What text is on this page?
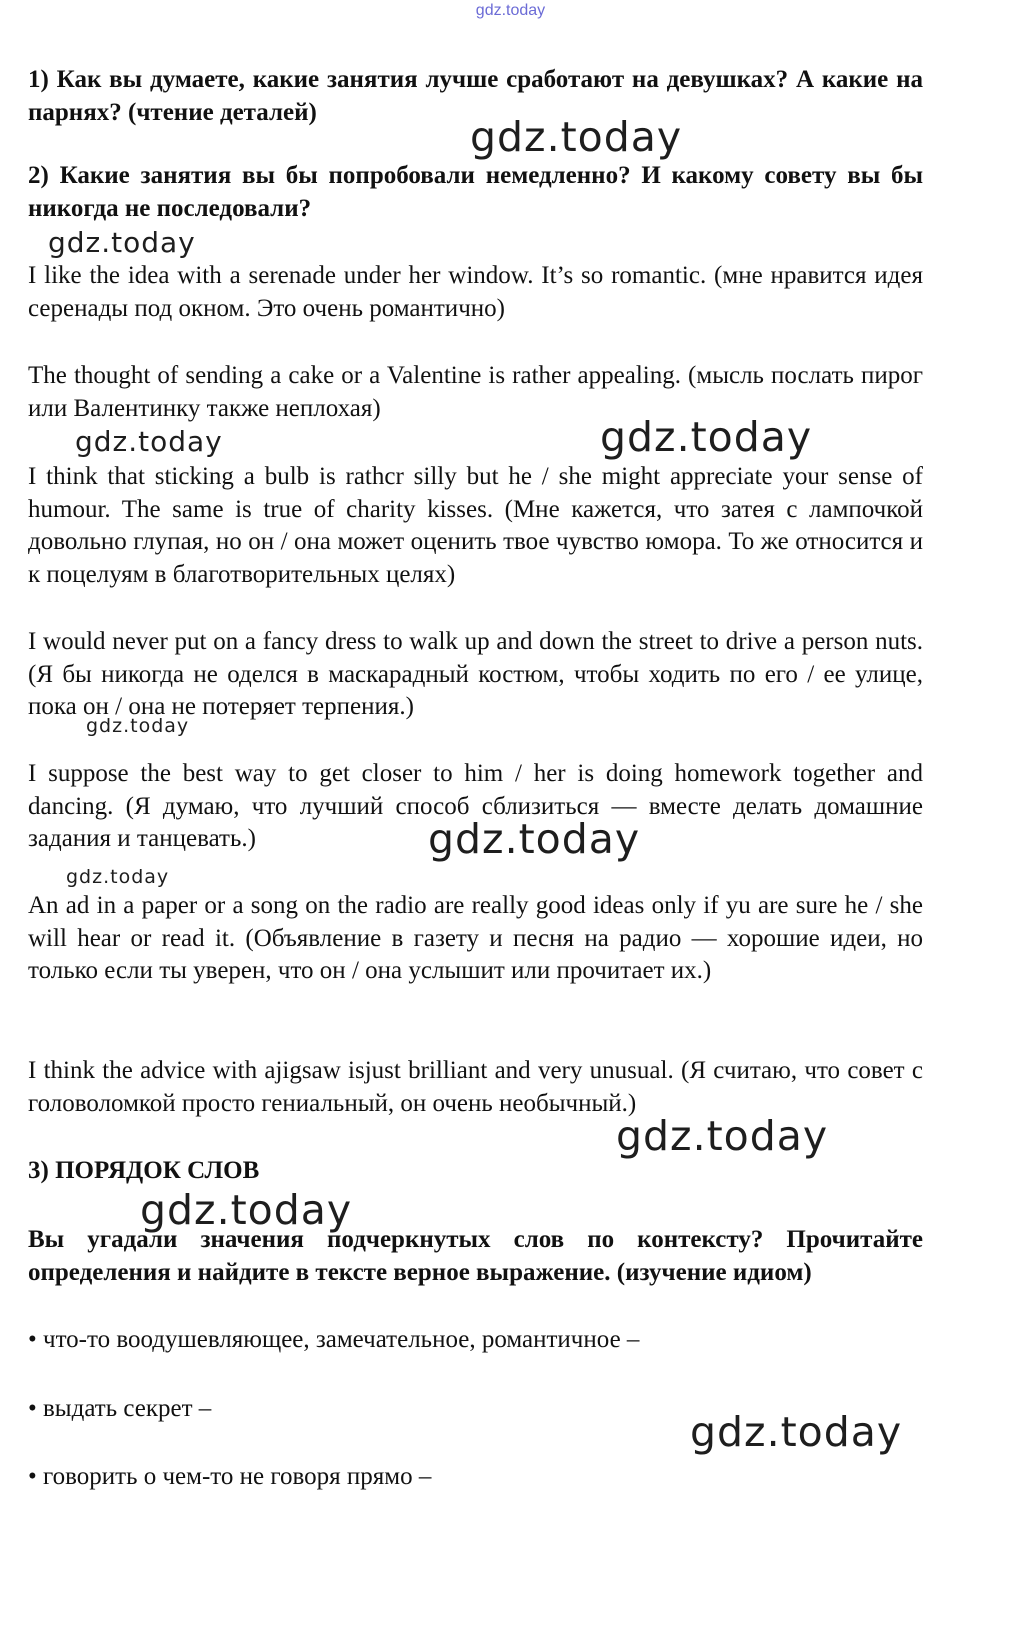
gdz.today

1) Как вы думаете, какие занятия лучше сработают на девушках? А какие на парнях? (чтение деталей)

2) Какие занятия вы бы попробовали немедленно? И какому совету вы бы никогда не последовали?

I like the idea with a serenade under her window. It’s so romantic. (мне нравится идея серенады под окном. Это очень романтично)

The thought of sending a cake or a Valentine is rather appealing. (мысль послать пирог или Валентинку также неплохая)

I think that sticking a bulb is rathcr silly but he / she might appreciate your sense of humour. The same is true of charity kisses. (Мне кажется, что затея с лампочкой довольно глупая, но он / она может оценить твое чувство юмора. То же относится и к поцелуям в благотворительных целях)

I would never put on a fancy dress to walk up and down the street to drive a person nuts. (Я бы никогда не оделся в маскарадный костюм, чтобы ходить по его / ее улице, пока он / она не потеряет терпения.)

I suppose the best way to get closer to him / her is doing homework together and dancing. (Я думаю, что лучший способ сблизиться — вместе делать домашние задания и танцевать.)

An ad in a paper or a song on the radio are really good ideas only if yu are sure he / she will hear or read it. (Объявление в газету и песня на радио — хорошие идеи, но только если ты уверен, что он / она услышит или прочитает их.)

I think the advice with ajigsaw isjust brilliant and very unusual. (Я считаю, что совет с головоломкой просто гениальный, он очень необычный.)

3) ПОРЯДОК СЛОВ

Вы угадали значения подчеркнутых слов по контексту? Прочитайте определения и найдите в тексте верное выражение. (изучение идиом)

• что-то воодушевляющее, замечательное, романтичное –

• выдать секрет –

• говорить о чем-то не говоря прямо –

gdz.today
gdz.today
gdz.today	gdz.today
gdz.today
gdz.today
gdz.today
gdz.today
gdz.today
gdz.today
